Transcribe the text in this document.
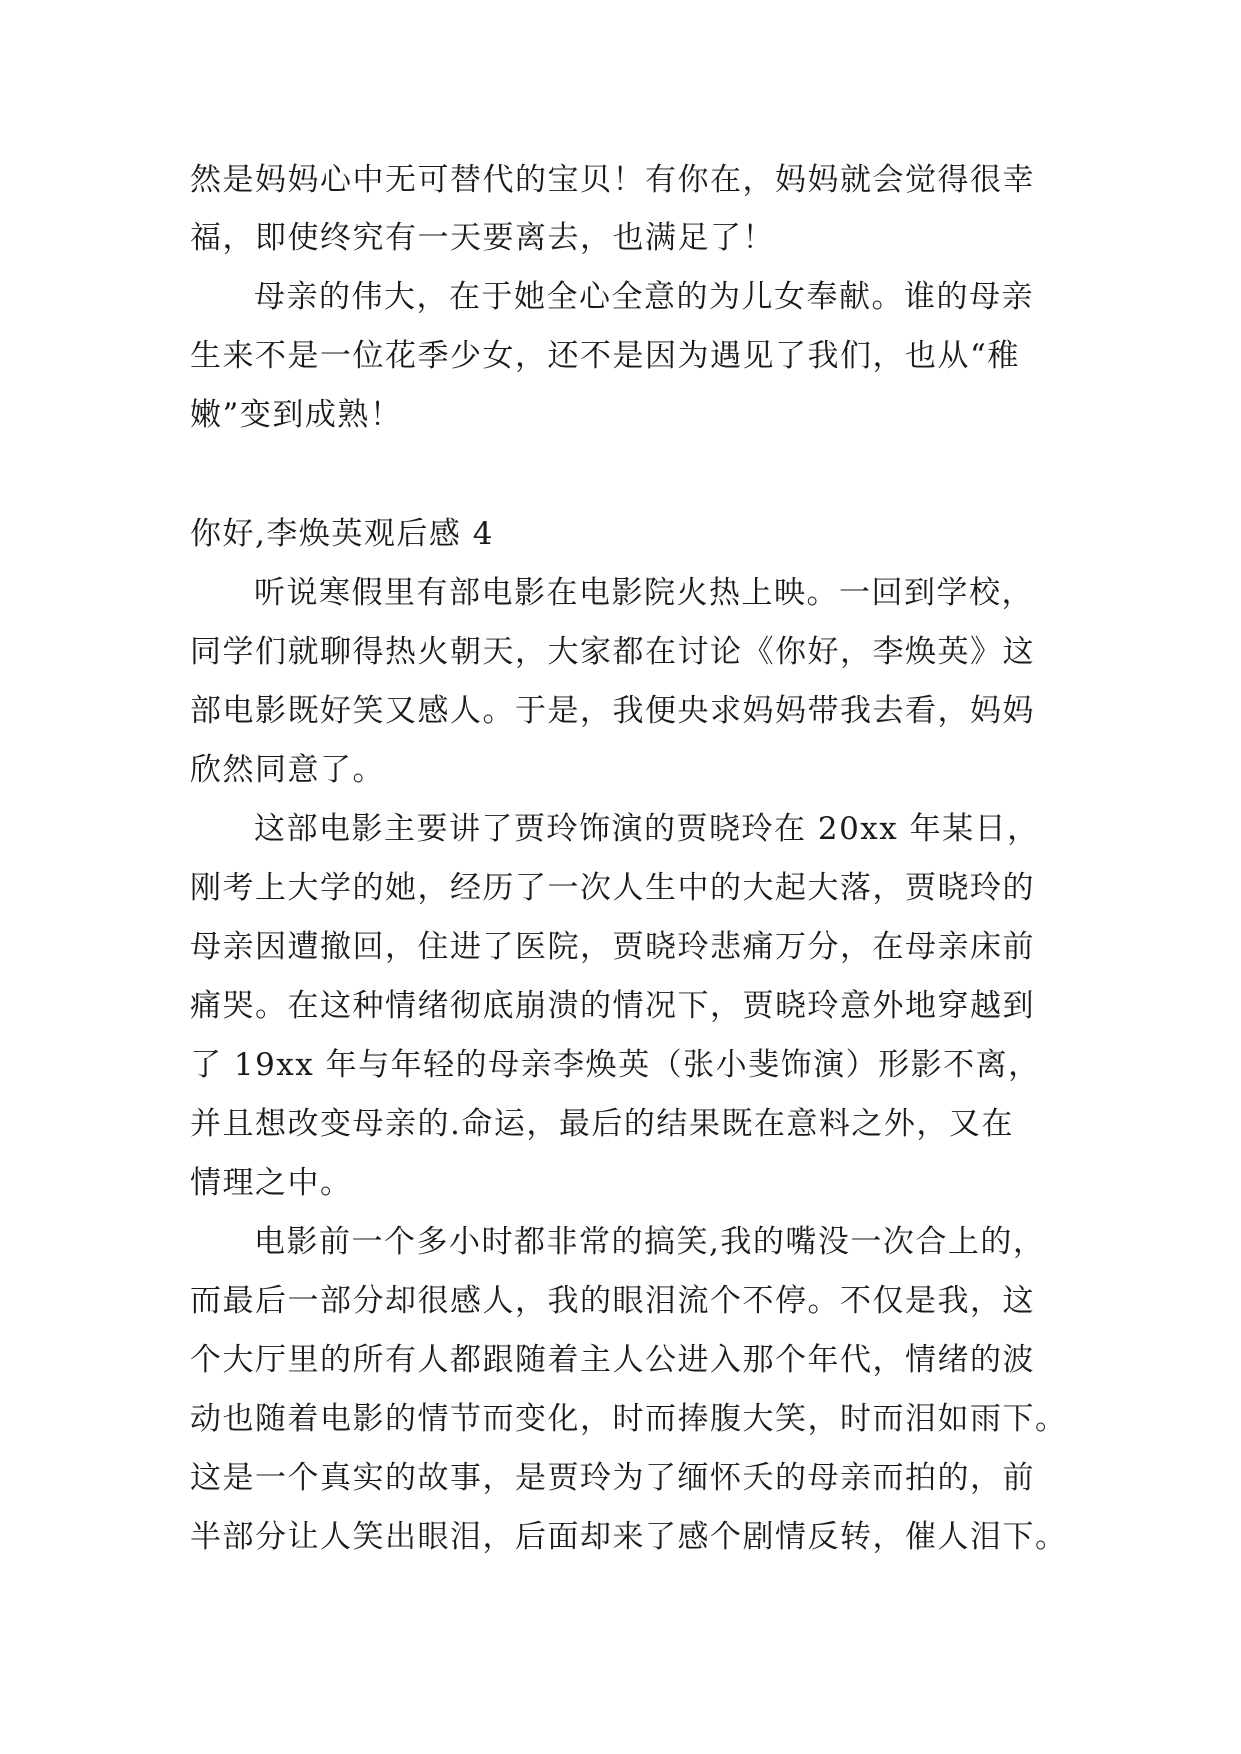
然是妈妈心中无可替代的宝贝！有你在，妈妈就会觉得很幸
福，即使终究有一天要离去，也满足了！
母亲的伟大，在于她全心全意的为儿女奉献。谁的母亲
生来不是一位花季少女，还不是因为遇见了我们，也从“稚
嫩”变到成熟！
你好,李焕英观后感 4
听说寒假里有部电影在电影院火热上映。一回到学校，
同学们就聊得热火朝天，大家都在讨论《你好，李焕英》这
部电影既好笑又感人。于是，我便央求妈妈带我去看，妈妈
欣然同意了。
这部电影主要讲了贾玲饰演的贾晓玲在 20xx 年某日，
刚考上大学的她，经历了一次人生中的大起大落，贾晓玲的
母亲因遭撤回，住进了医院，贾晓玲悲痛万分，在母亲床前
痛哭。在这种情绪彻底崩溃的情况下，贾晓玲意外地穿越到
了 19xx 年与年轻的母亲李焕英（张小斐饰演）形影不离，
并且想改变母亲的.命运，最后的结果既在意料之外，又在
情理之中。
电影前一个多小时都非常的搞笑,我的嘴没一次合上的，
而最后一部分却很感人，我的眼泪流个不停。不仅是我，这
个大厅里的所有人都跟随着主人公进入那个年代，情绪的波
动也随着电影的情节而变化，时而捧腹大笑，时而泪如雨下。
这是一个真实的故事，是贾玲为了缅怀夭的母亲而拍的，前
半部分让人笑出眼泪，后面却来了感个剧情反转，催人泪下。
